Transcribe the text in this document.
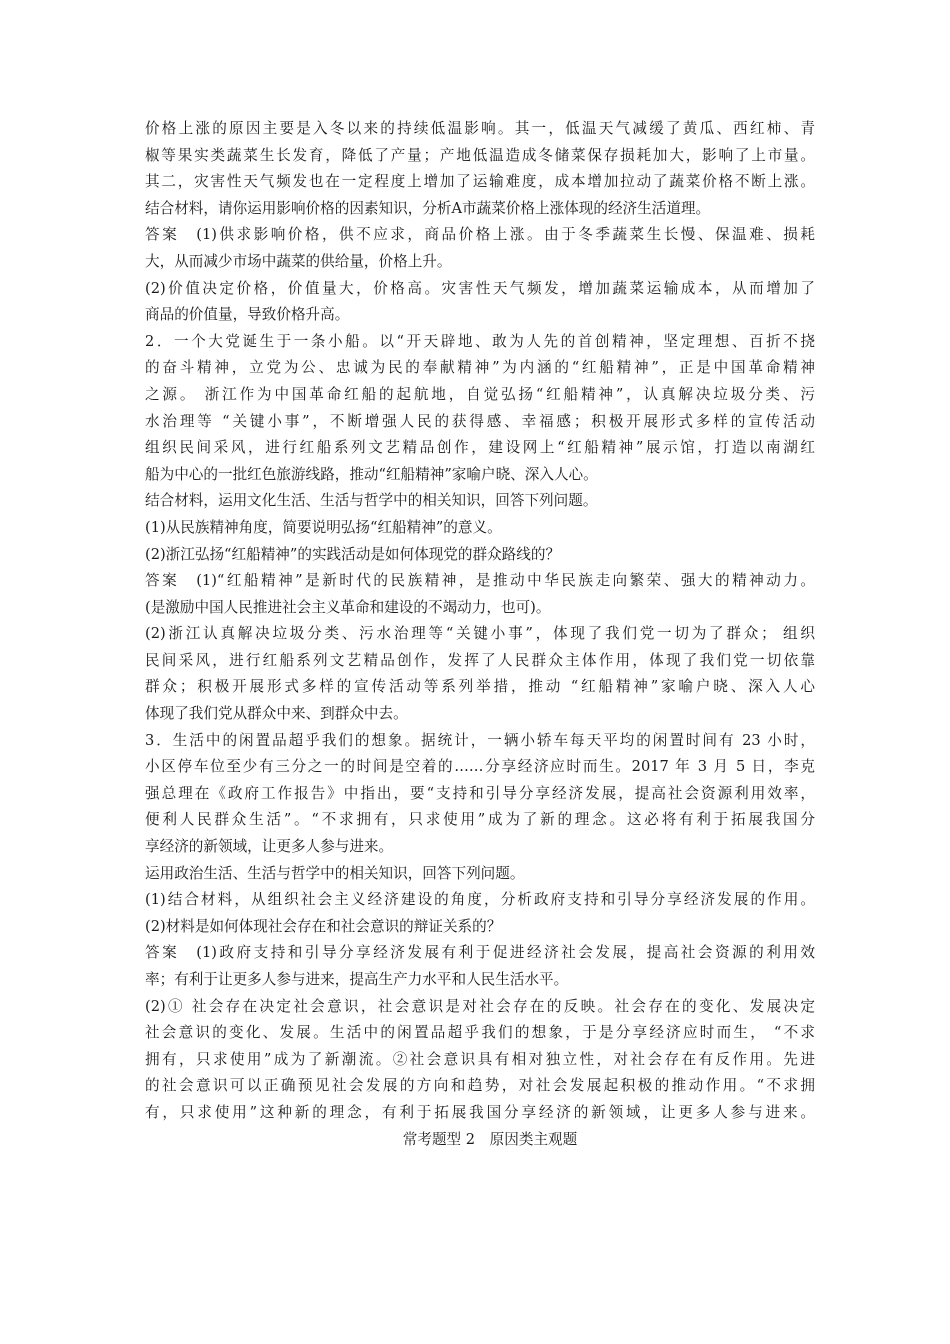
价格上涨的原因主要是入冬以来的持续低温影响。其一，低温天气减缓了黄瓜、西红柿、青
椒等果实类蔬菜生长发育，降低了产量；产地低温造成冬储菜保存损耗加大，影响了上市量。
其二，灾害性天气频发也在一定程度上增加了运输难度，成本增加拉动了蔬菜价格不断上涨。
结合材料，请你运用影响价格的因素知识，分析A市蔬菜价格上涨体现的经济生活道理。
答案　(1)供求影响价格，供不应求，商品价格上涨。由于冬季蔬菜生长慢、保温难、损耗
大，从而减少市场中蔬菜的供给量，价格上升。
(2)价值决定价格，价值量大，价格高。灾害性天气频发，增加蔬菜运输成本，从而增加了
商品的价值量，导致价格升高。
2．一个大党诞生于一条小船。以“开天辟地、敢为人先的首创精神，坚定理想、百折不挠
的奋斗精神，立党为公、忠诚为民的奉献精神”为内涵的“红船精神”，正是中国革命精神
之源。 浙江作为中国革命红船的起航地，自觉弘扬“红船精神”，认真解决垃圾分类、污
水治理等 “关键小事”，不断增强人民的获得感、幸福感；积极开展形式多样的宣传活动
组织民间采风，进行红船系列文艺精品创作，建设网上“红船精神”展示馆，打造以南湖红
船为中心的一批红色旅游线路，推动“红船精神”家喻户晓、深入人心。
结合材料，运用文化生活、生活与哲学中的相关知识，回答下列问题。
(1)从民族精神角度，简要说明弘扬“红船精神”的意义。
(2)浙江弘扬“红船精神”的实践活动是如何体现党的群众路线的？
答案　(1)“红船精神”是新时代的民族精神，是推动中华民族走向繁荣、强大的精神动力。
(是激励中国人民推进社会主义革命和建设的不竭动力，也可)。
(2)浙江认真解决垃圾分类、污水治理等“关键小事”，体现了我们党一切为了群众； 组织
民间采风，进行红船系列文艺精品创作，发挥了人民群众主体作用，体现了我们党一切依靠
群众；积极开展形式多样的宣传活动等系列举措，推动 “红船精神”家喻户晓、深入人心
体现了我们党从群众中来、到群众中去。
3．生活中的闲置品超乎我们的想象。据统计，一辆小轿车每天平均的闲置时间有 23 小时，
小区停车位至少有三分之一的时间是空着的……分享经济应时而生。2017 年 3 月 5 日，李克
强总理在《政府工作报告》中指出，要“支持和引导分享经济发展，提高社会资源利用效率，
便利人民群众生活”。“不求拥有，只求使用”成为了新的理念。这必将有利于拓展我国分
享经济的新领域，让更多人参与进来。
运用政治生活、生活与哲学中的相关知识，回答下列问题。
(1)结合材料，从组织社会主义经济建设的角度，分析政府支持和引导分享经济发展的作用。
(2)材料是如何体现社会存在和社会意识的辩证关系的？
答案　(1)政府支持和引导分享经济发展有利于促进经济社会发展，提高社会资源的利用效
率；有利于让更多人参与进来，提高生产力水平和人民生活水平。
(2)① 社会存在决定社会意识，社会意识是对社会存在的反映。社会存在的变化、发展决定
社会意识的变化、发展。生活中的闲置品超乎我们的想象，于是分享经济应时而生， “不求
拥有，只求使用”成为了新潮流。②社会意识具有相对独立性，对社会存在有反作用。先进
的社会意识可以正确预见社会发展的方向和趋势，对社会发展起积极的推动作用。“不求拥
有，只求使用”这种新的理念，有利于拓展我国分享经济的新领域，让更多人参与进来。
常考题型 2　原因类主观题
